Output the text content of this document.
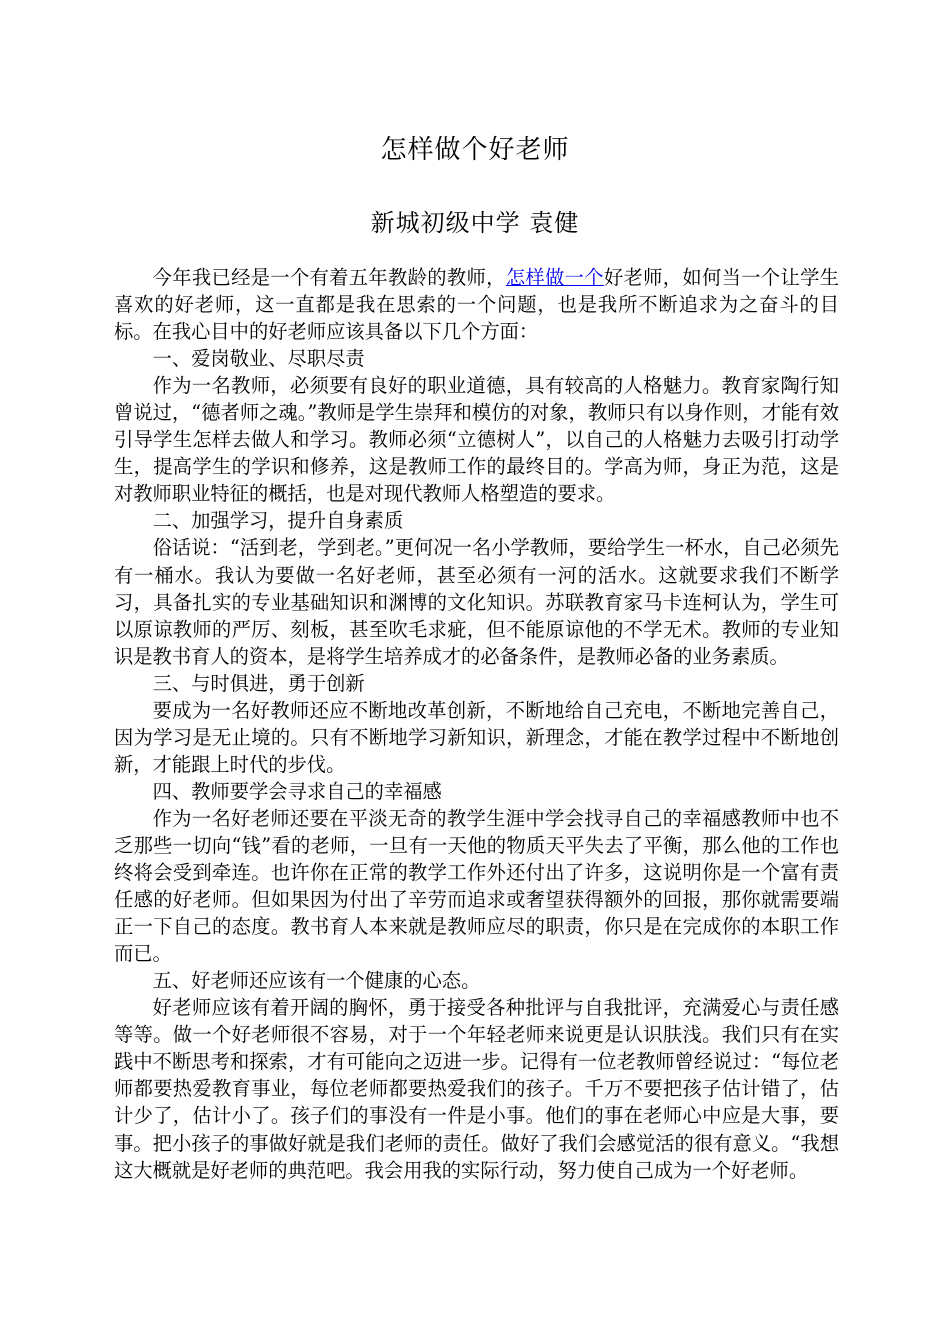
怎样做个好老师
新城初级中学 袁健

今年我已经是一个有着五年教龄的教师，怎样做一个好老师，如何当一个让学生喜欢的好老师，这一直都是我在思索的一个问题，也是我所不断追求为之奋斗的目标。在我心目中的好老师应该具备以下几个方面：

一、爱岗敬业、尽职尽责

作为一名教师，必须要有良好的职业道德，具有较高的人格魅力。教育家陶行知曾说过，“德者师之魂。”教师是学生崇拜和模仿的对象，教师只有以身作则，才能有效引导学生怎样去做人和学习。教师必须“立德树人”，以自己的人格魅力去吸引打动学生，提高学生的学识和修养，这是教师工作的最终目的。学高为师，身正为范，这是对教师职业特征的概括，也是对现代教师人格塑造的要求。

二、加强学习，提升自身素质

俗话说：“活到老，学到老。”更何况一名小学教师，要给学生一杯水，自己必须先有一桶水。我认为要做一名好老师，甚至必须有一河的活水。这就要求我们不断学习，具备扎实的专业基础知识和渊博的文化知识。苏联教育家马卡连柯认为，学生可以原谅教师的严厉、刻板，甚至吹毛求疵，但不能原谅他的不学无术。教师的专业知识是教书育人的资本，是将学生培养成才的必备条件，是教师必备的业务素质。

三、与时俱进，勇于创新

要成为一名好教师还应不断地改革创新，不断地给自己充电，不断地完善自己，因为学习是无止境的。只有不断地学习新知识，新理念，才能在教学过程中不断地创新，才能跟上时代的步伐。

四、教师要学会寻求自己的幸福感

作为一名好老师还要在平淡无奇的教学生涯中学会找寻自己的幸福感教师中也不乏那些一切向“钱”看的老师，一旦有一天他的物质天平失去了平衡，那么他的工作也终将会受到牵连。也许你在正常的教学工作外还付出了许多，这说明你是一个富有责任感的好老师。但如果因为付出了辛劳而追求或奢望获得额外的回报，那你就需要端正一下自己的态度。教书育人本来就是教师应尽的职责，你只是在完成你的本职工作而已。

五、好老师还应该有一个健康的心态。

好老师应该有着开阔的胸怀，勇于接受各种批评与自我批评，充满爱心与责任感等等。做一个好老师很不容易，对于一个年轻老师来说更是认识肤浅。我们只有在实践中不断思考和探索，才有可能向之迈进一步。记得有一位老教师曾经说过：“每位老师都要热爱教育事业，每位老师都要热爱我们的孩子。千万不要把孩子估计错了，估计少了，估计小了。孩子们的事没有一件是小事。他们的事在老师心中应是大事，要事。把小孩子的事做好就是我们老师的责任。做好了我们会感觉活的很有意义。“我想这大概就是好老师的典范吧。我会用我的实际行动，努力使自己成为一个好老师。
